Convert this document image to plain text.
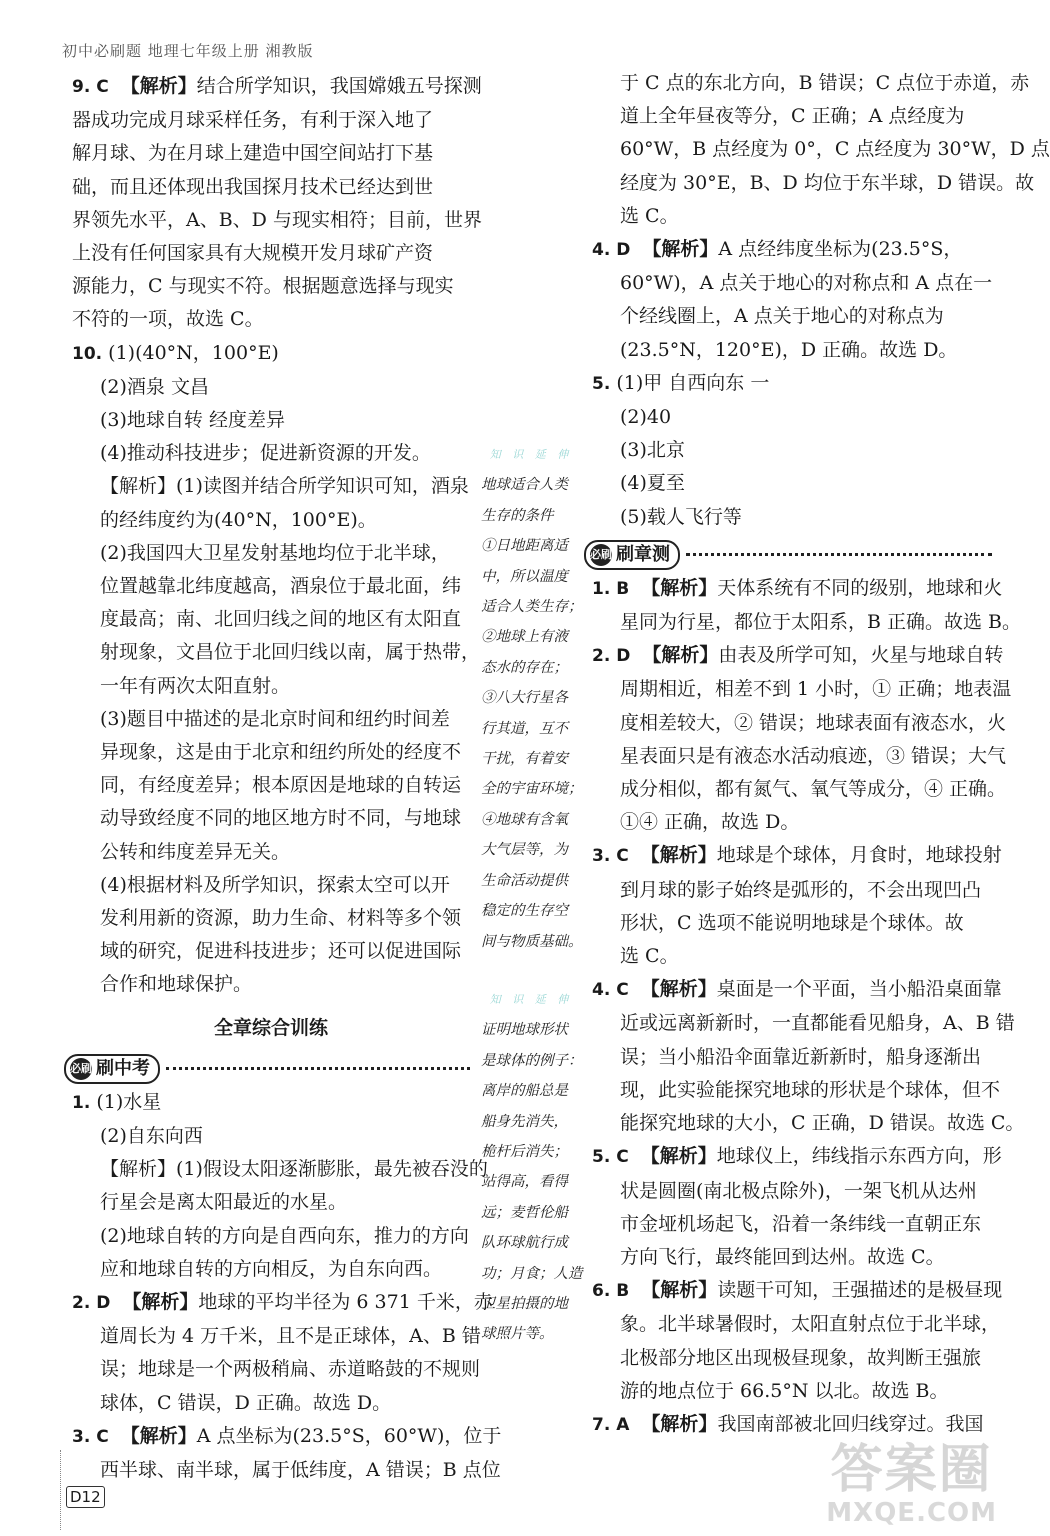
初中必刷题 地理七年级上册 湘教版

9. C 【解析】结合所学知识，我国嫦娥五号探测

器成功完成月球采样任务，有利于深入地了

解月球、为在月球上建造中国空间站打下基

础，而且还体现出我国探月技术已经达到世

界领先水平，A、B、D 与现实相符；目前，世界

上没有任何国家具有大规模开发月球矿产资

源能力，C 与现实不符。根据题意选择与现实

不符的一项，故选 C。

10. (1)(40°N，100°E)

(2)酒泉 文昌

(3)地球自转 经度差异

(4)推动科技进步；促进新资源的开发。

【解析】(1)读图并结合所学知识可知，酒泉

的经纬度约为(40°N，100°E)。

(2)我国四大卫星发射基地均位于北半球，

位置越靠北纬度越高，酒泉位于最北面，纬

度最高；南、北回归线之间的地区有太阳直

射现象，文昌位于北回归线以南，属于热带，

一年有两次太阳直射。

(3)题目中描述的是北京时间和纽约时间差

异现象，这是由于北京和纽约所处的经度不

同，有经度差异；根本原因是地球的自转运

动导致经度不同的地区地方时不同，与地球

公转和纬度差异无关。

(4)根据材料及所学知识，探索太空可以开

发利用新的资源，助力生命、材料等多个领

域的研究，促进科技进步；还可以促进国际

合作和地球保护。

全章综合训练
必刷 刷中考

1. (1)水星

(2)自东向西

【解析】(1)假设太阳逐渐膨胀，最先被吞没的

行星会是离太阳最近的水星。

(2)地球自转的方向是自西向东，推力的方向

应和地球自转的方向相反，为自东向西。

2. D 【解析】地球的平均半径为 6 371 千米，赤

道周长为 4 万千米，且不是正球体，A、B 错

误；地球是一个两极稍扁、赤道略鼓的不规则

球体，C 错误，D 正确。故选 D。

3. C 【解析】A 点坐标为(23.5°S，60°W)，位于

西半球、南半球，属于低纬度，A 错误；B 点位

知 识 延 伸

地球适合人类

生存的条件

①日地距离适

中，所以温度

适合人类生存；

②地球上有液

态水的存在；

③八大行星各

行其道，互不

干扰，有着安

全的宇宙环境；

④地球有含氧

大气层等，为

生命活动提供

稳定的生存空

间与物质基础。

知 识 延 伸

证明地球形状

是球体的例子：

离岸的船总是

船身先消失，

桅杆后消失；

站得高，看得

远；麦哲伦船

队环球航行成

功；月食；人造

卫星拍摄的地

球照片等。

于 C 点的东北方向，B 错误；C 点位于赤道，赤

道上全年昼夜等分，C 正确；A 点经度为

60°W，B 点经度为 0°，C 点经度为 30°W，D 点

经度为 30°E，B、D 均位于东半球，D 错误。故

选 C。

4. D 【解析】A 点经纬度坐标为(23.5°S，

60°W)，A 点关于地心的对称点和 A 点在一

个经线圈上，A 点关于地心的对称点为

(23.5°N，120°E)，D 正确。故选 D。

5. (1)甲 自西向东 一

(2)40

(3)北京

(4)夏至

(5)载人飞行等

必刷 刷章测

1. B 【解析】天体系统有不同的级别，地球和火

星同为行星，都位于太阳系，B 正确。故选 B。

2. D 【解析】由表及所学可知，火星与地球自转

周期相近，相差不到 1 小时，① 正确；地表温

度相差较大，② 错误；地球表面有液态水，火

星表面只是有液态水活动痕迹，③ 错误；大气

成分相似，都有氮气、氧气等成分，④ 正确。

①④ 正确，故选 D。

3. C 【解析】地球是个球体，月食时，地球投射

到月球的影子始终是弧形的，不会出现凹凸

形状，C 选项不能说明地球是个球体。故

选 C。

4. C 【解析】桌面是一个平面，当小船沿桌面靠

近或远离新新时，一直都能看见船身，A、B 错

误；当小船沿伞面靠近新新时，船身逐渐出

现，此实验能探究地球的形状是个球体，但不

能探究地球的大小，C 正确，D 错误。故选 C。

5. C 【解析】地球仪上，纬线指示东西方向，形

状是圆圈(南北极点除外)，一架飞机从达州

市金垭机场起飞，沿着一条纬线一直朝正东

方向飞行，最终能回到达州。故选 C。

6. B 【解析】读题干可知，王强描述的是极昼现

象。北半球暑假时，太阳直射点位于北半球，

北极部分地区出现极昼现象，故判断王强旅

游的地点位于 66.5°N 以北。故选 B。

7. A 【解析】我国南部被北回归线穿过。我国

D12	答案圈
MXQE.COM
